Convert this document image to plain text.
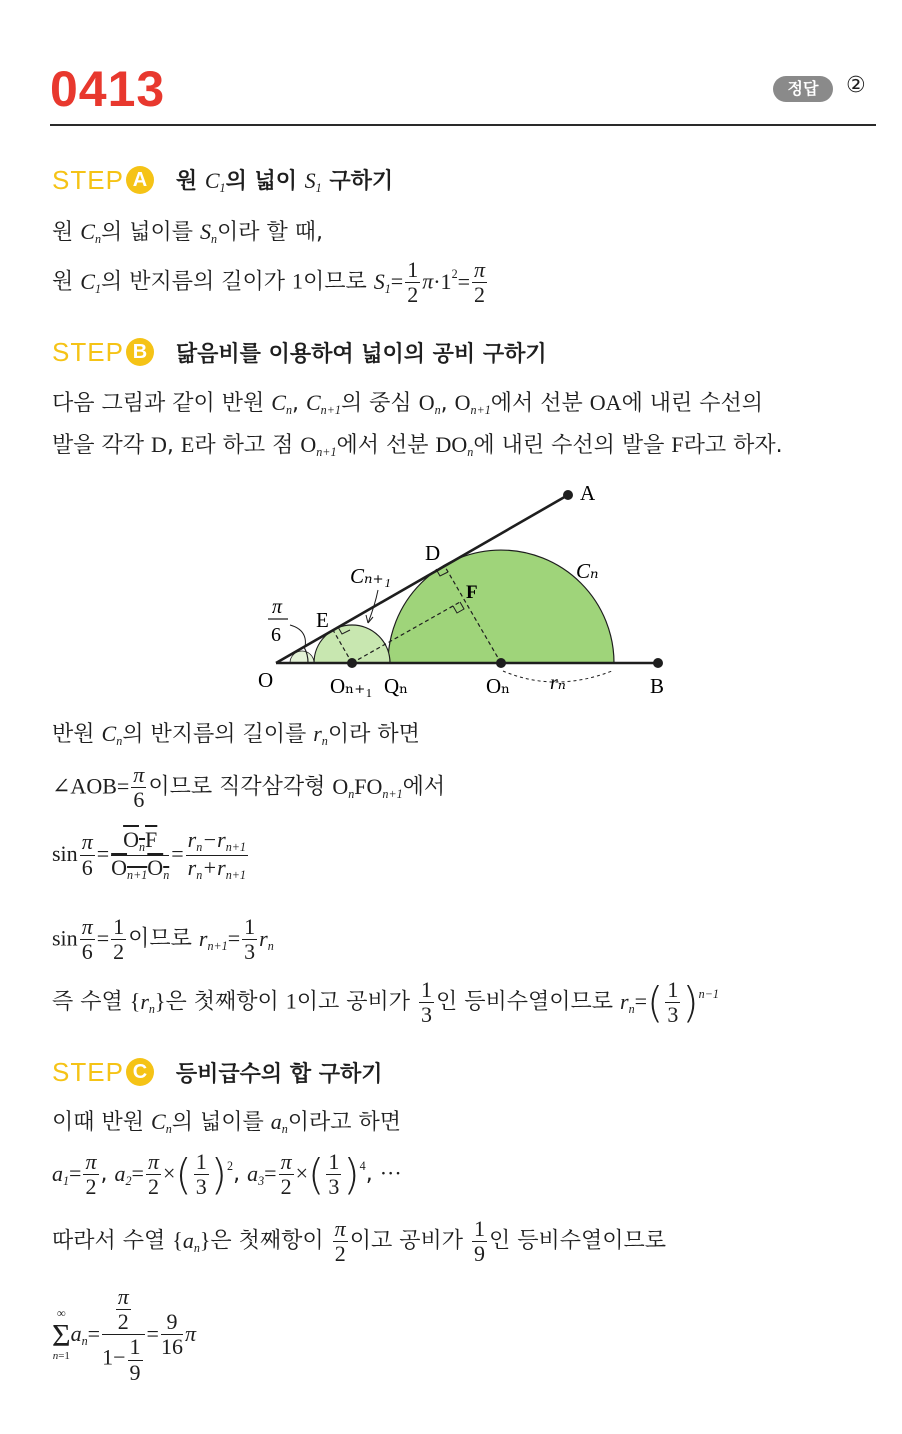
0413	정답	②
STEP A	원 $C_1$의 넓이 $S_1$ 구하기
원 $C_n$의 넓이를 $S_n$이라 할 때,
원 $C_1$의 반지름의 길이가 1이므로 $S_1= \frac{1}{2} \pi\cdot 1^2= \frac{\pi}{2}$
STEP B	닮음비를 이용하여 넓이의 공비 구하기
다음 그림과 같이 반원 $C_n$, $C_{n+1}$의 중심 $O_n$, $O_{n+1}$에서 선분 OA에 내린 수선의
발을 각각 D, E라 하고 점 $O_{n+1}$에서 선분 $DO_n$에 내린 수선의 발을 F라고 하자.
A
B
O
D
E
F
Cₙ
Cₙ₊₁
Oₙ
Oₙ₊₁ Qₙ	rₙ
π
6
반원 $C_n$의 반지름의 길이를 $r_n$이라 하면
∠AOB= $\frac{\pi}{6}$ 이므로 직각삼각형 $O_nFO_{n+1}$에서
$\sin \frac{\pi}{6} = \frac{O_nF}{O_{n+1}O_n} = \frac{r_n-r_{n+1}}{r_n+r_{n+1}}$
$\sin \frac{\pi}{6} = \frac{1}{2}$ 이므로 $r_{n+1}= \frac{1}{3} r_n$
즉 수열 $\{r_n\}$은 첫째항이 1이고 공비가 $\frac{1}{3}$ 인 등비수열이므로 $r_n=( \frac{1}{3} )^{n-1}$
STEP C	등비급수의 합 구하기
이때 반원 $C_n$의 넓이를 $a_n$이라고 하면
$a_1= \frac{\pi}{2}$ , $a_2= \frac{\pi}{2}$ ×( $\frac{1}{3} )^2$, $a_3= \frac{\pi}{2}$ ×( $\frac{1}{3} )^4$, ···
따라서 수열 $\{a_n\}$은 첫째항이 $\frac{\pi}{2}$ 이고 공비가 $\frac{1}{9}$ 인 등비수열이므로
∞
Σ
n=1
$a_n= \frac{\frac{\pi}{2}}{1- \frac{1}{9}} = \frac{9}{16}$ π
